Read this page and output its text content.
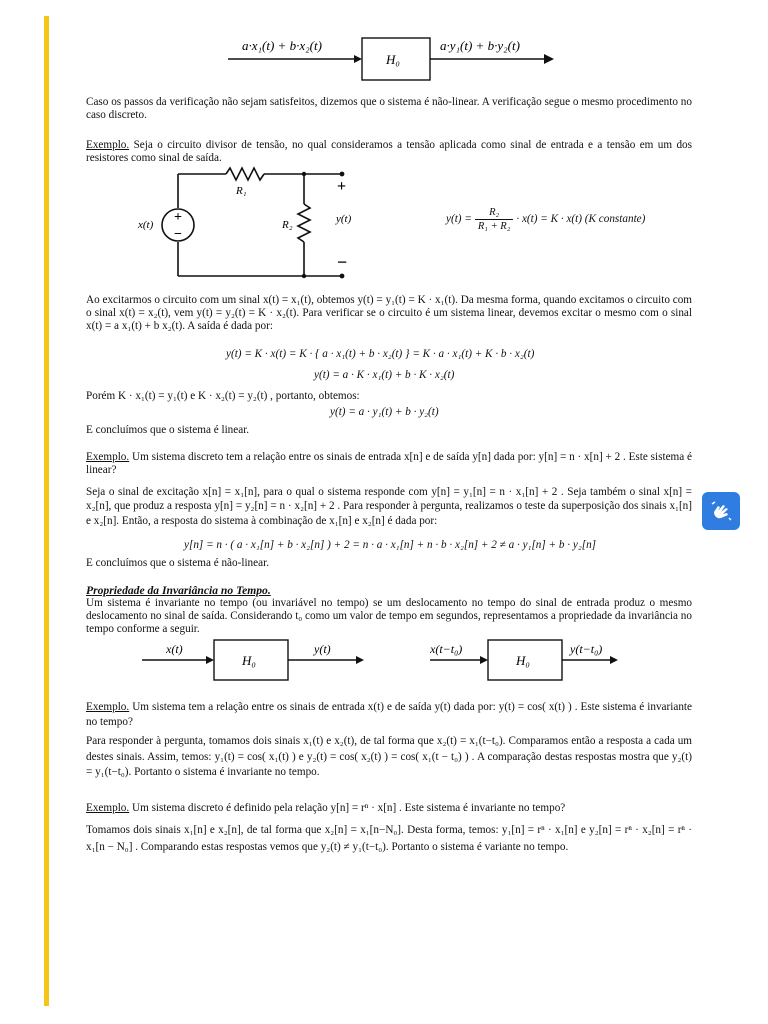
a·x₁(t) + b·x₂(t)
H₀
a·y₁(t) + b·y₂(t)
Caso os passos da verificação não sejam satisfeitos, dizemos que o sistema é não-linear. A verificação segue o mesmo procedimento no caso discreto.
Exemplo. Seja o circuito divisor de tensão, no qual consideramos a tensão aplicada como sinal de entrada e a tensão em um dos resistores como sinal de saída.
+
−
R₁
R₂
x(t)	y(t)
+
−
$y(t) = \frac{\text{R₂}}{\text{R₁ + R₂}} \cdot x(t) = K \cdot x(t)$ (K constante)
Ao excitarmos o circuito com um sinal x(t) = x₁(t), obtemos y(t) = y₁(t) = K · x₁(t). Da mesma forma, quando excitamos o circuito com o sinal x(t) = x₂(t), vem y(t) = y₂(t) = K · x₂(t). Para verificar se o circuito é um sistema linear, devemos excitar o mesmo com o sinal x(t) = a x₁(t) + b x₂(t). A saída é dada por:
y(t) = K · x(t) = K · { a · x₁(t) + b · x₂(t) } = K · a · x₁(t) + K · b · x₂(t)
y(t) = a · K · x₁(t) + b · K · x₂(t)
Porém K · x₁(t) = y₁(t) e K · x₂(t) = y₂(t) , portanto, obtemos:
y(t) = a · y₁(t) + b · y₂(t)
E concluímos que o sistema é linear.
Exemplo. Um sistema discreto tem a relação entre os sinais de entrada x[n] e de saída y[n] dada por: y[n] = n · x[n] + 2 . Este sistema é linear?
Seja o sinal de excitação x[n] = x₁[n], para o qual o sistema responde com y[n] = y₁[n] = n · x₁[n] + 2 . Seja também o sinal x[n] = x₂[n], que produz a resposta y[n] = y₂[n] = n · x₂[n] + 2 . Para responder à pergunta, realizamos o teste da superposição dos sinais x₁[n] e x₂[n]. Então, a resposta do sistema à combinação de x₁[n] e x₂[n] é dada por:
y[n] = n · ( a · x₁[n] + b · x₂[n] ) + 2 = n · a · x₁[n] + n · b · x₂[n] + 2 ≠ a · y₁[n] + b · y₂[n]
E concluímos que o sistema é não-linear.
Propriedade da Invariância no Tempo.
Um sistema é invariante no tempo (ou invariável no tempo) se um deslocamento no tempo do sinal de entrada produz o mesmo deslocamento no sinal de saída. Considerando t₀ como um valor de tempo em segundos, representamos a propriedade da invariância no tempo conforme a seguir.
x(t)
H₀
y(t)	x(t−t₀)
H₀
y(t−t₀)
Exemplo. Um sistema tem a relação entre os sinais de entrada x(t) e de saída y(t) dada por: y(t) = cos( x(t) ) . Este sistema é invariante no tempo?
Para responder à pergunta, tomamos dois sinais x₁(t) e x₂(t), de tal forma que x₂(t) = x₁(t−t₀). Comparamos então a resposta a cada um destes sinais. Assim, temos: y₁(t) = cos( x₁(t) ) e y₂(t) = cos( x₂(t) ) = cos( x₁(t − t₀) ) . A comparação destas respostas mostra que y₂(t) = y₁(t−t₀). Portanto o sistema é invariante no tempo.
Exemplo. Um sistema discreto é definido pela relação y[n] = rⁿ · x[n] . Este sistema é invariante no tempo?
Tomamos dois sinais x₁[n] e x₂[n], de tal forma que x₂[n] = x₁[n−N₀]. Desta forma, temos: y₁[n] = rⁿ · x₁[n] e y₂[n] = rⁿ · x₂[n] = rⁿ · x₁[n − N₀] . Comparando estas respostas vemos que y₂(t) ≠ y₁(t−t₀). Portanto o sistema é variante no tempo.
